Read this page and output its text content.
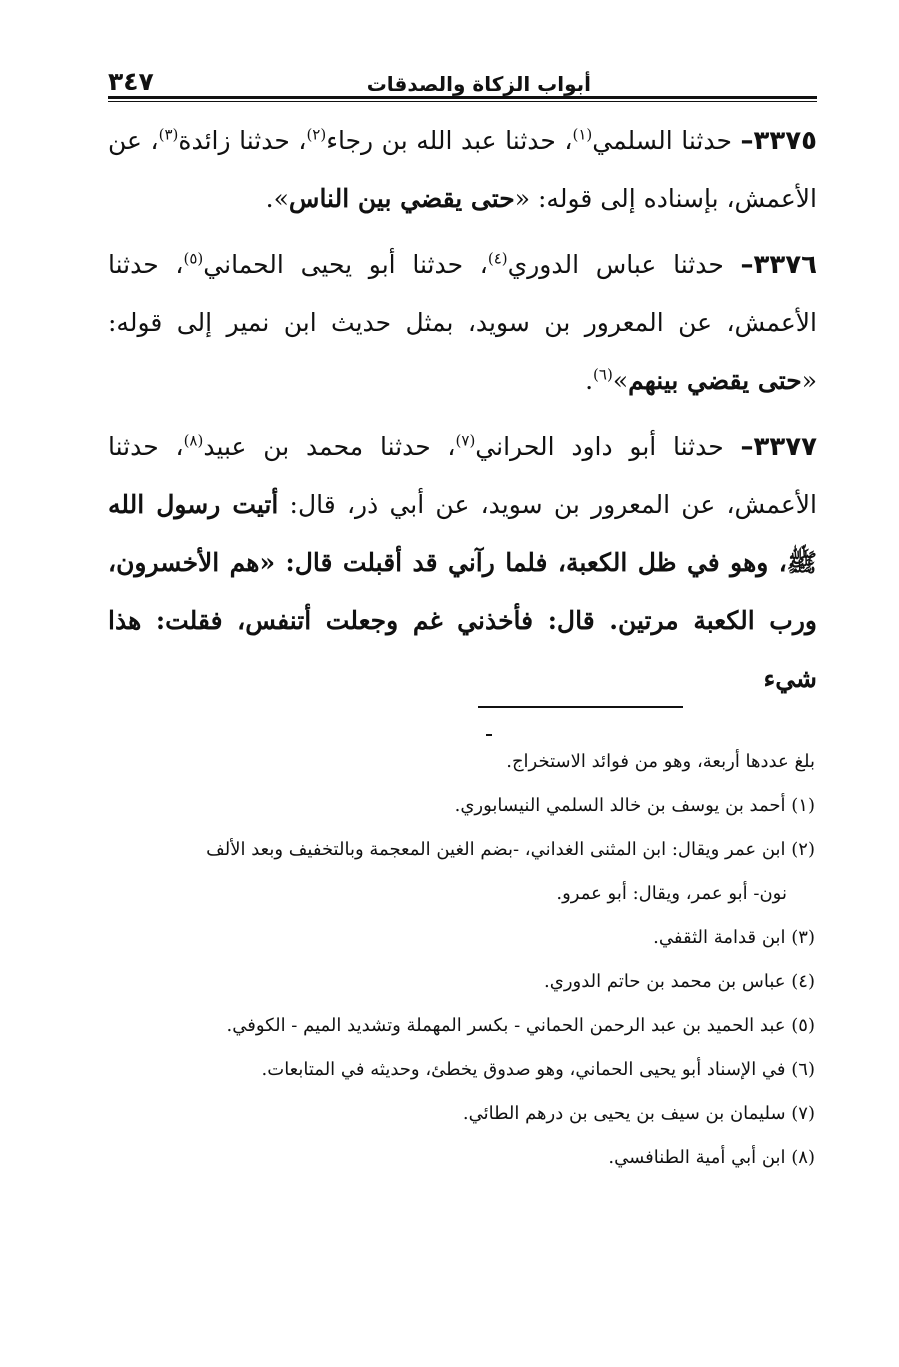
أبواب الزكاة والصدقات
٣٤٧

٣٣٧٥– حدثنا السلمي$^{(١)}$، حدثنا عبد الله بن رجاء$^{(٢)}$، حدثنا زائدة$^{(٣)}$، عن الأعمش، بإسناده إلى قوله: «حتى يقضي بين الناس».

٣٣٧٦– حدثنا عباس الدوري$^{(٤)}$، حدثنا أبو يحيى الحماني$^{(٥)}$، حدثنا الأعمش، عن المعرور بن سويد، بمثل حديث ابن نمير إلى قوله: «حتى يقضي بينهم»$^{(٦)}$.

٣٣٧٧– حدثنا أبو داود الحراني$^{(٧)}$، حدثنا محمد بن عبيد$^{(٨)}$، حدثنا الأعمش، عن المعرور بن سويد، عن أبي ذر، قال: أتيت رسول الله ﷺ، وهو في ظل الكعبة، فلما رآني قد أقبلت قال: «هم الأخسرون، ورب الكعبة مرتين. قال: فأخذني غم وجعلت أتنفس، فقلت: هذا شيء

بلغ عددها أربعة، وهو من فوائد الاستخراج.

(١) أحمد بن يوسف بن خالد السلمي النيسابوري.

(٢) ابن عمر ويقال: ابن المثنى الغداني، -بضم الغين المعجمة وبالتخفيف وبعد الألف

نون- أبو عمر، ويقال: أبو عمرو.

(٣) ابن قدامة الثقفي.

(٤) عباس بن محمد بن حاتم الدوري.

(٥) عبد الحميد بن عبد الرحمن الحماني - بكسر المهملة وتشديد الميم - الكوفي.

(٦) في الإسناد أبو يحيى الحماني، وهو صدوق يخطئ، وحديثه في المتابعات.

(٧) سليمان بن سيف بن يحيى بن درهم الطائي.

(٨) ابن أبي أمية الطنافسي.
